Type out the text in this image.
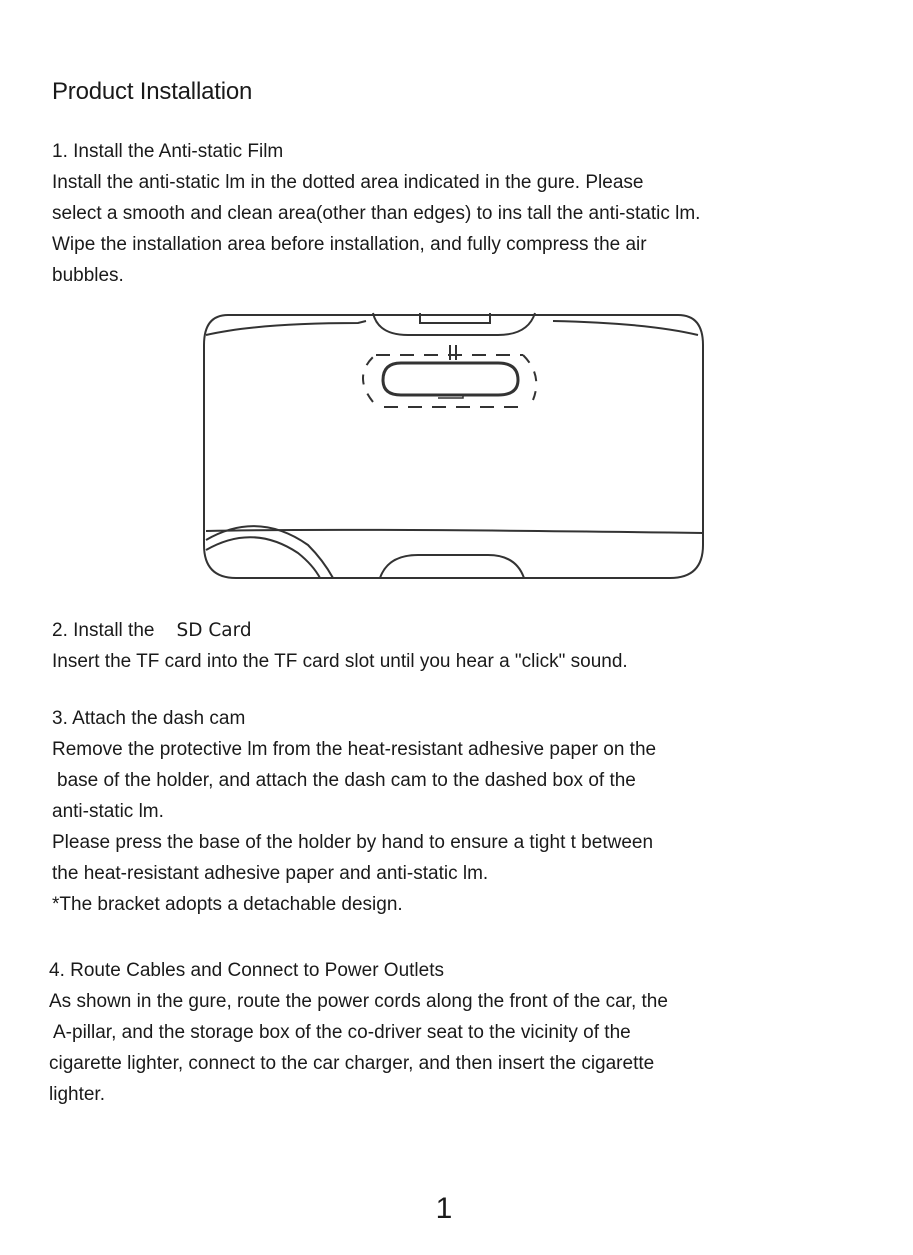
Product Installation
1. Install the Anti-static Film
Install the anti-static lm in the dotted area indicated in the gure. Please
select a smooth and clean area(other than edges) to ins tall the anti-static lm.
Wipe the installation area before installation, and fully compress the air
bubbles.
2. Install the SD Card
Insert the TF card into the TF card slot until you hear a "click" sound.
3. Attach the dash cam
Remove the protective lm from the heat-resistant adhesive paper on the
base of the holder, and attach the dash cam to the dashed box of the
anti-static lm.
Please press the base of the holder by hand to ensure a tight t between
the heat-resistant adhesive paper and anti-static lm.
*The bracket adopts a detachable design.
4. Route Cables and Connect to Power Outlets
As shown in the gure, route the power cords along the front of the car, the
A-pillar, and the storage box of the co-driver seat to the vicinity of the
cigarette lighter, connect to the car charger, and then insert the cigarette
lighter.
1
